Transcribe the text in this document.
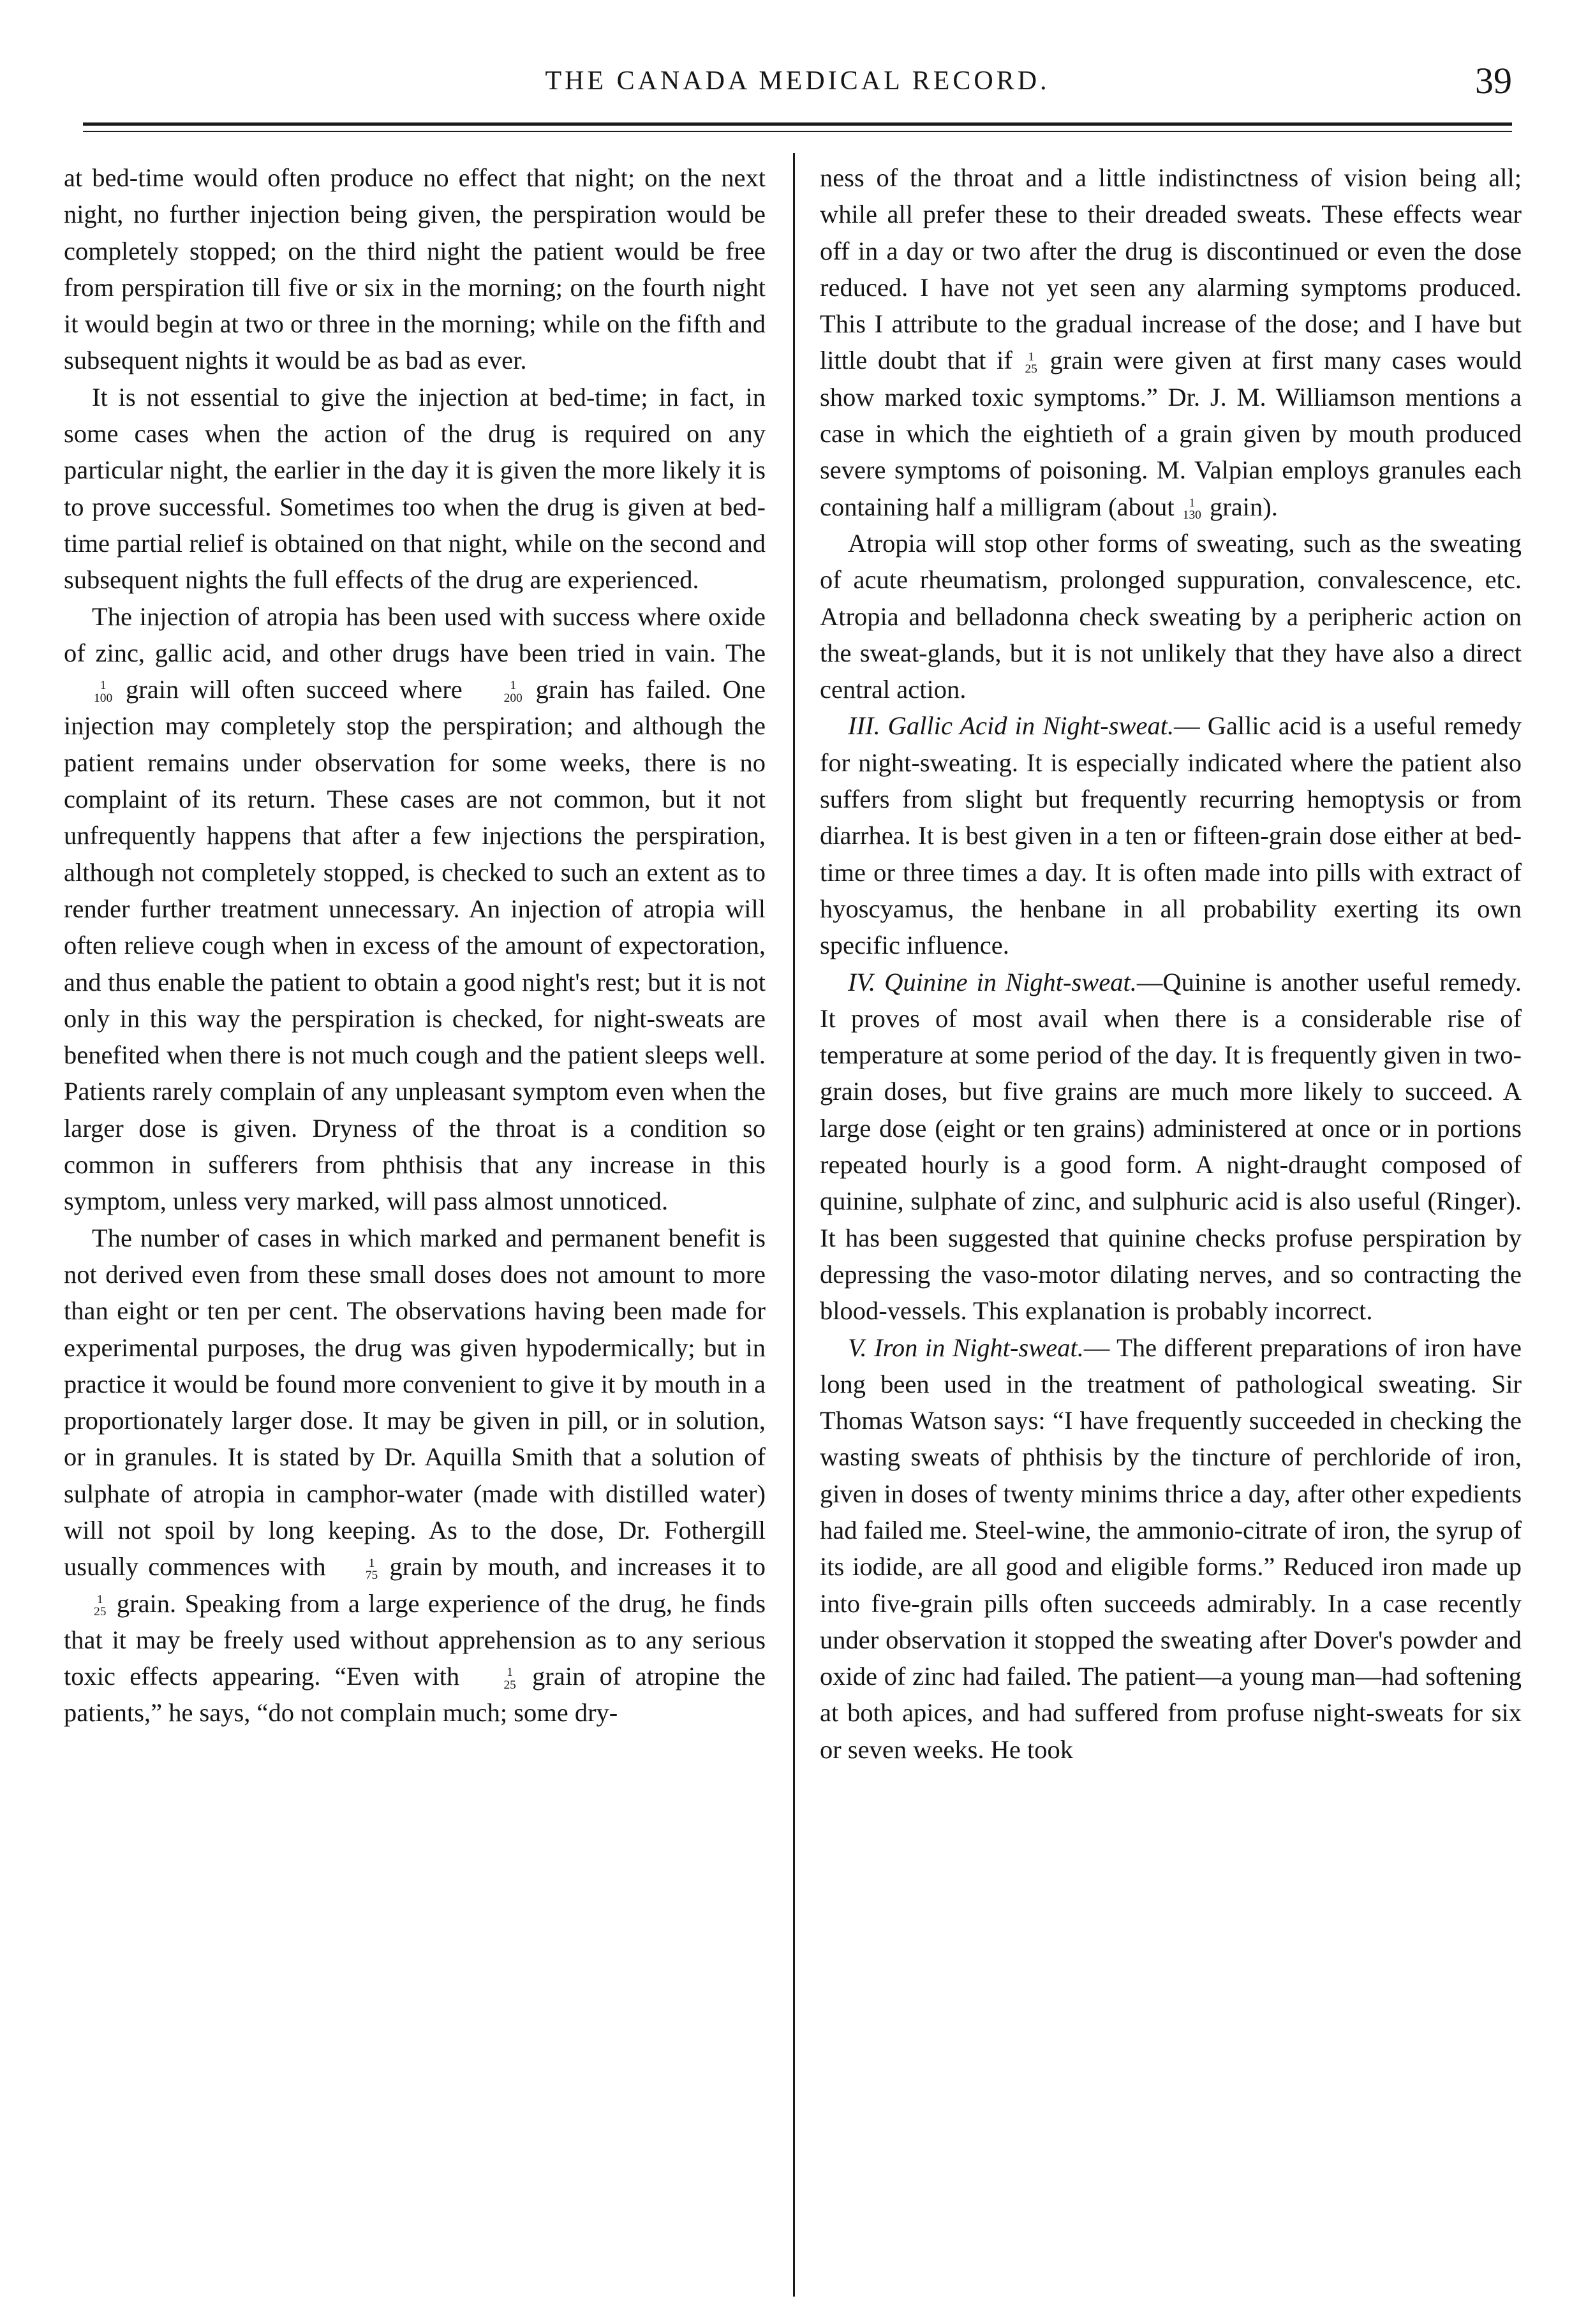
THE CANADA MEDICAL RECORD.	39

at bed-time would often produce no effect that night; on the next night, no further injection being given, the perspiration would be completely stopped; on the third night the patient would be free from perspiration till five or six in the morning; on the fourth night it would begin at two or three in the morning; while on the fifth and subsequent nights it would be as bad as ever.

It is not essential to give the injection at bed-time; in fact, in some cases when the action of the drug is required on any particular night, the earlier in the day it is given the more likely it is to prove successful. Sometimes too when the drug is given at bed-time partial relief is obtained on that night, while on the second and subsequent nights the full effects of the drug are experienced.

The injection of atropia has been used with success where oxide of zinc, gallic acid, and other drugs have been tried in vain. The
1
100 grain will often succeed where	1
200 grain has failed. One injection may completely stop the perspiration; and although the patient remains under observation for some weeks, there is no complaint of its return. These cases are not common, but it not unfrequently happens that after a few injections the perspiration, although not completely stopped, is checked to such an extent as to render further treatment unnecessary. An injection of atropia will often relieve cough when in excess of the amount of expectoration, and thus enable the patient to obtain a good night's rest; but it is not only in this way the perspiration is checked, for night-sweats are benefited when there is not much cough and the patient sleeps well. Patients rarely complain of any unpleasant symptom even when the larger dose is given. Dryness of the throat is a condition so common in sufferers from phthisis that any increase in this symptom, unless very marked, will pass almost unnoticed.

The number of cases in which marked and permanent benefit is not derived even from these small doses does not amount to more than eight or ten per cent. The observations having been made for experimental purposes, the drug was given hypodermically; but in practice it would be found more convenient to give it by mouth in a proportionately larger dose. It may be given in pill, or in solution, or in granules. It is stated by Dr. Aquilla Smith that a solution of sulphate of atropia in camphor-water (made with distilled water) will not spoil by long keeping. As to the dose, Dr. Fothergill usually commences with	1
75 grain by mouth, and increases it to
1
25 grain. Speaking from a large experience of the drug, he finds that it may be freely used without apprehension as to any serious toxic effects appearing. “Even with	1
25 grain of atropine the patients,” he says, “do not complain much; some dry-

ness of the throat and a little indistinctness of vision being all; while all prefer these to their dreaded sweats. These effects wear off in a day or two after the drug is discontinued or even the dose reduced. I have not yet seen any alarming symptoms produced. This I attribute to the gradual increase of the dose; and I have but little doubt that if 1
25 grain were given at first many cases would show marked toxic symptoms.” Dr. J. M. Williamson mentions a case in which the eightieth of a grain given by mouth produced severe symptoms of poisoning. M. Valpian employs granules each containing half a milligram (about	1
130 grain).

Atropia will stop other forms of sweating, such as the sweating of acute rheumatism, prolonged suppuration, convalescence, etc. Atropia and belladonna check sweating by a peripheric action on the sweat-glands, but it is not unlikely that they have also a direct central action.

III. Gallic Acid in Night-sweat.— Gallic acid is a useful remedy for night-sweating. It is especially indicated where the patient also suffers from slight but frequently recurring hemoptysis or from diarrhea. It is best given in a ten or fifteen-grain dose either at bed-time or three times a day. It is often made into pills with extract of hyoscyamus, the henbane in all probability exerting its own specific influence.

IV. Quinine in Night-sweat.—Quinine is another useful remedy. It proves of most avail when there is a considerable rise of temperature at some period of the day. It is frequently given in two-grain doses, but five grains are much more likely to succeed. A large dose (eight or ten grains) administered at once or in portions repeated hourly is a good form. A night-draught composed of quinine, sulphate of zinc, and sulphuric acid is also useful (Ringer). It has been suggested that quinine checks profuse perspiration by depressing the vaso-motor dilating nerves, and so contracting the blood-vessels. This explanation is probably incorrect.

V. Iron in Night-sweat.— The different preparations of iron have long been used in the treatment of pathological sweating. Sir Thomas Watson says: “I have frequently succeeded in checking the wasting sweats of phthisis by the tincture of perchloride of iron, given in doses of twenty minims thrice a day, after other expedients had failed me. Steel-wine, the ammonio-citrate of iron, the syrup of its iodide, are all good and eligible forms.” Reduced iron made up into five-grain pills often succeeds admirably. In a case recently under observation it stopped the sweating after Dover's powder and oxide of zinc had failed. The patient—a young man—had softening at both apices, and had suffered from profuse night-sweats for six or seven weeks. He took
